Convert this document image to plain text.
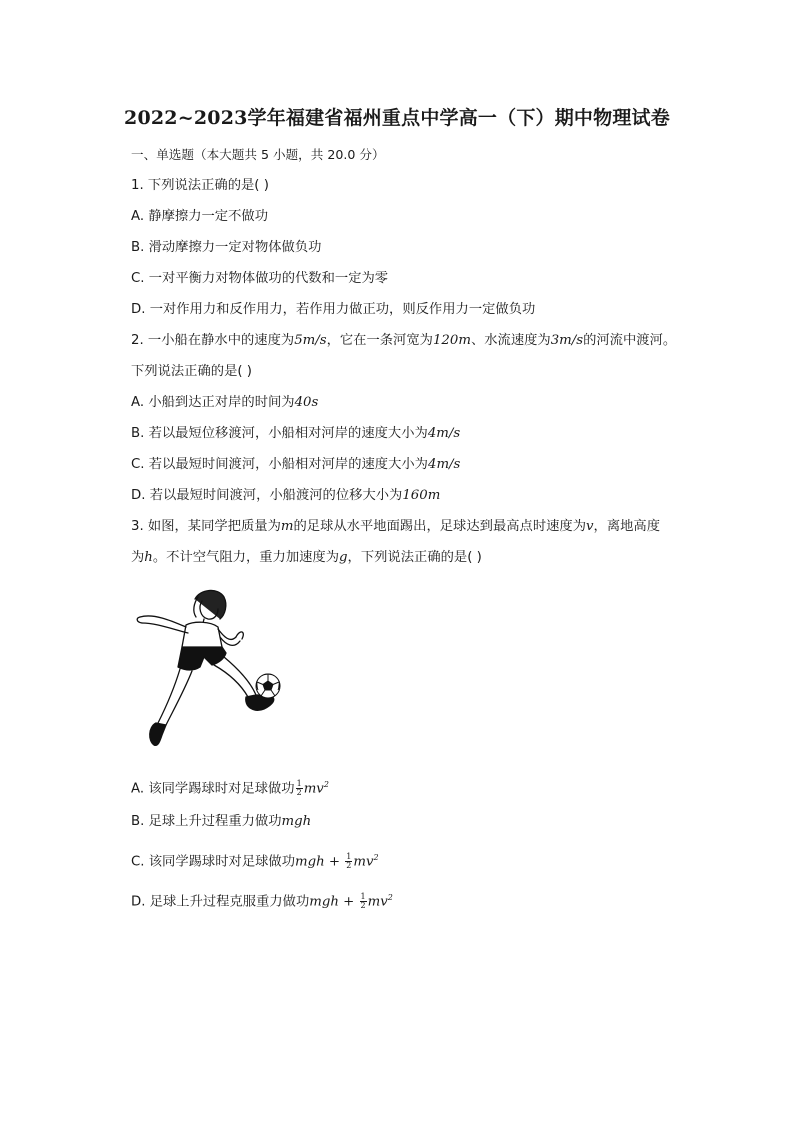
2022~2023学年福建省福州重点中学高一（下）期中物理试卷
一、单选题（本大题共 5 小题，共 20.0 分）
1. 下列说法正确的是( )
A. 静摩擦力一定不做功
B. 滑动摩擦力一定对物体做负功
C. 一对平衡力对物体做功的代数和一定为零
D. 一对作用力和反作用力，若作用力做正功，则反作用力一定做负功
2. 一小船在静水中的速度为5m/s，它在一条河宽为120m、水流速度为3m/s的河流中渡河。
下列说法正确的是( )
A. 小船到达正对岸的时间为40s
B. 若以最短位移渡河，小船相对河岸的速度大小为4m/s
C. 若以最短时间渡河，小船相对河岸的速度大小为4m/s
D. 若以最短时间渡河，小船渡河的位移大小为160m
3. 如图，某同学把质量为m的足球从水平地面踢出，足球达到最高点时速度为v，离地高度
为h。不计空气阻力，重力加速度为g，下列说法正确的是( )
A. 该同学踢球时对足球做功 $\frac{1}{2} mv^2$
B. 足球上升过程重力做功mgh
C. 该同学踢球时对足球做功mgh + $\frac{1}{2} mv^2$
D. 足球上升过程克服重力做功mgh + $\frac{1}{2} mv^2$
